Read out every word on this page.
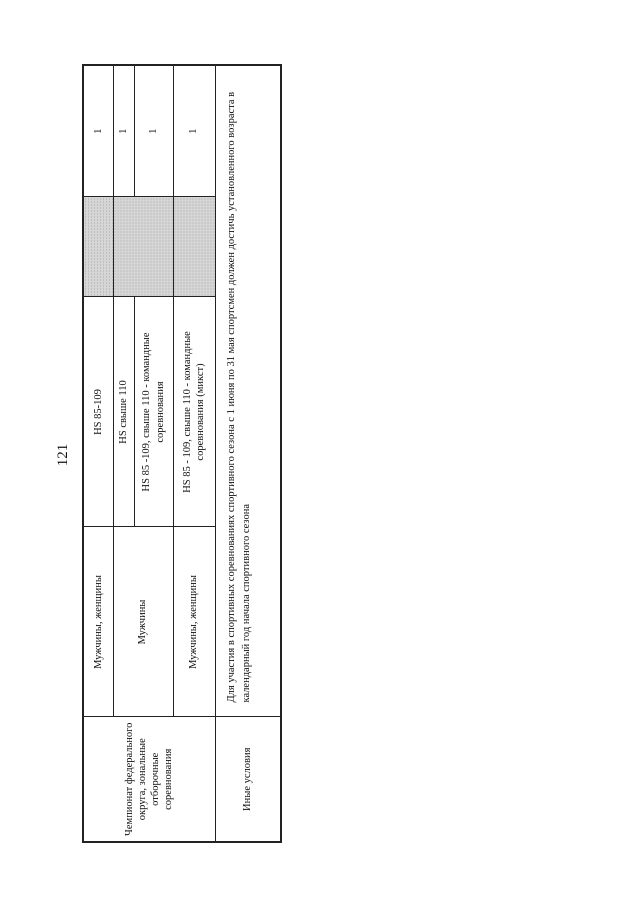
121
Чемпионат федерального округа, зональные отборочные соревнования	Мужчины, женщины	HS 85-109		1
	Мужчины	HS свыше 110		1
		HS 85 -109, свыше 110 - командные соревнования		1
	Мужчины, женщины	HS 85 - 109, свыше 110 - командные соревнования (микст)		1
Иные условия	Для участия в спортивных соревнованиях спортивного сезона с 1 июня по 31 мая спортсмен должен достичь установленного возраста в календарный год начала спортивного сезона			
